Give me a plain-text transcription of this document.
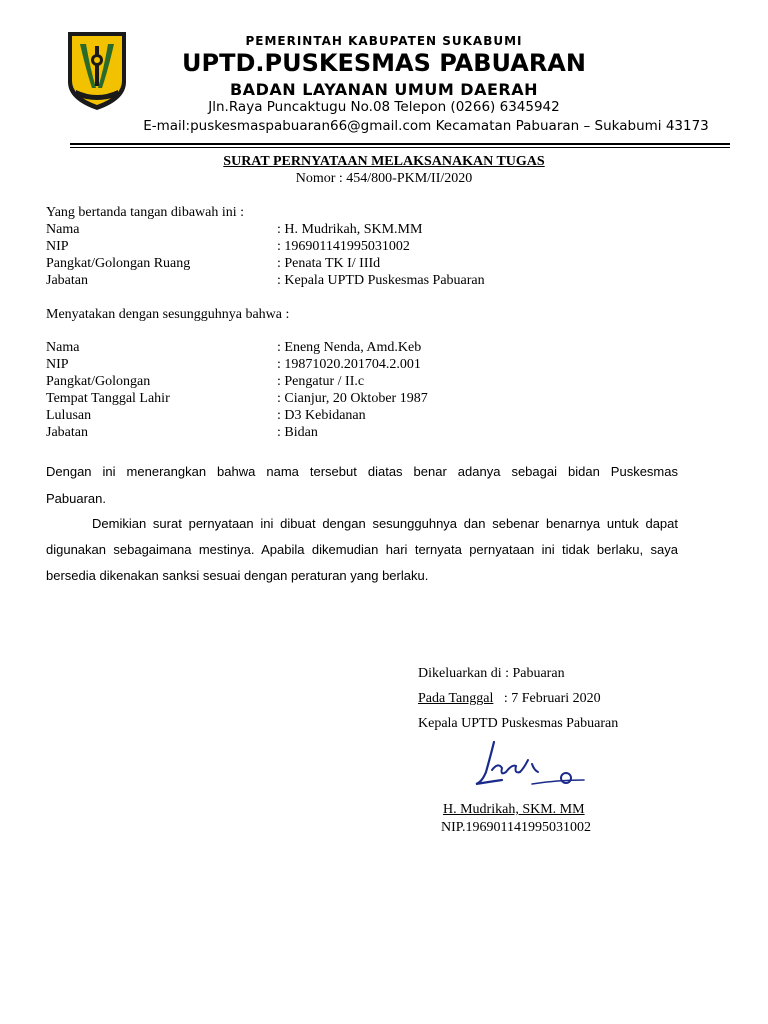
PEMERINTAH KABUPATEN SUKABUMI
UPTD.PUSKESMAS PABUARAN
BADAN LAYANAN UMUM DAERAH
Jln.Raya Puncaktugu No.08 Telepon (0266) 6345942
E-mail:puskesmaspabuaran66@gmail.com Kecamatan Pabuaran – Sukabumi 43173
SURAT PERNYATAAN MELAKSANAKAN TUGAS
Nomor : 454/800-PKM/II/2020
Yang bertanda tangan dibawah ini :
Nama	: H. Mudrikah, SKM.MM
NIP	: 196901141995031002
Pangkat/Golongan Ruang	: Penata TK I/ IIId
Jabatan	: Kepala UPTD Puskesmas Pabuaran
Menyatakan dengan sesungguhnya bahwa :
Nama	: Eneng Nenda, Amd.Keb
NIP	: 19871020.201704.2.001
Pangkat/Golongan	: Pengatur / II.c
Tempat Tanggal Lahir	: Cianjur, 20 Oktober 1987
Lulusan	: D3 Kebidanan
Jabatan	: Bidan
Dengan ini menerangkan bahwa nama tersebut diatas benar adanya sebagai bidan Puskesmas
Pabuaran.
Demikian surat pernyataan ini dibuat dengan sesungguhnya dan sebenar benarnya untuk dapat
digunakan sebagaimana mestinya. Apabila dikemudian hari ternyata pernyataan ini tidak berlaku, saya
bersedia dikenakan sanksi sesuai dengan peraturan yang berlaku.
Dikeluarkan di : Pabuaran
Pada Tanggal   : 7 Februari 2020
Kepala UPTD Puskesmas Pabuaran
H. Mudrikah, SKM. MM
NIP.196901141995031002
